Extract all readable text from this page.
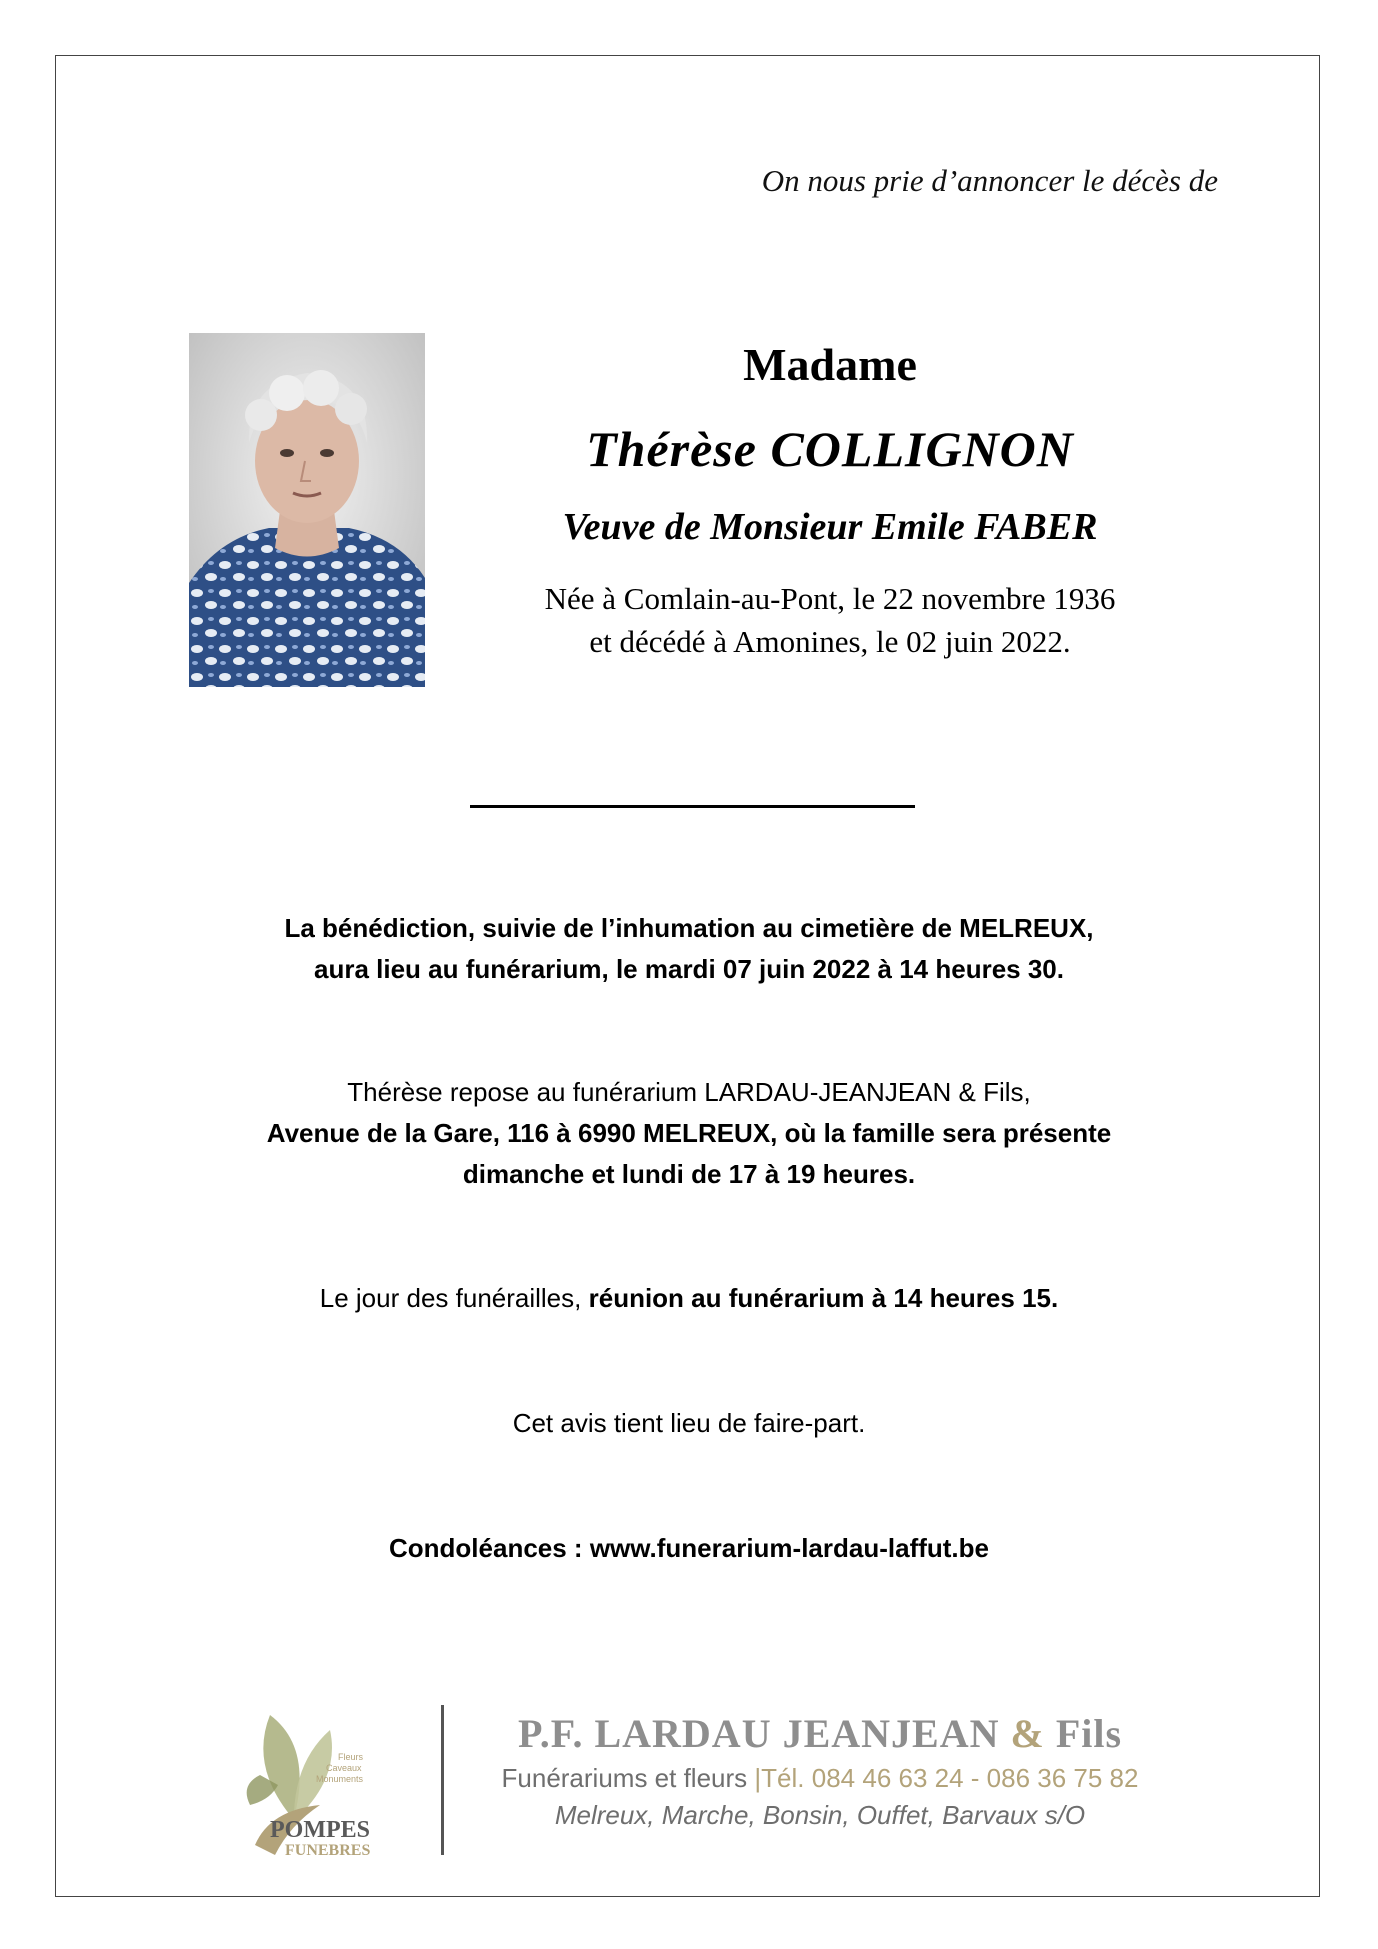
On nous prie d’annoncer le décès de
Madame
Thérèse COLLIGNON
Veuve de Monsieur Emile FABER
Née à Comlain-au-Pont, le 22 novembre 1936
et décédé à Amonines, le 02 juin 2022.
La bénédiction, suivie de l’inhumation au cimetière de MELREUX,
aura lieu au funérarium, le mardi 07 juin 2022 à 14 heures 30.
Thérèse repose au funérarium LARDAU-JEANJEAN & Fils,
Avenue de la Gare, 116 à 6990 MELREUX, où la famille sera présente
dimanche et lundi de 17 à 19 heures.
Le jour des funérailles, réunion au funérarium à 14 heures 15.
Cet avis tient lieu de faire-part.
Condoléances : www.funerarium-lardau-laffut.be
Fleurs
Caveaux
Monuments
POMPES
FUNEBRES
P.F. LARDAU JEANJEAN & Fils
Funérariums et fleurs |Tél. 084 46 63 24 - 086 36 75 82
Melreux, Marche, Bonsin, Ouffet, Barvaux s/O
